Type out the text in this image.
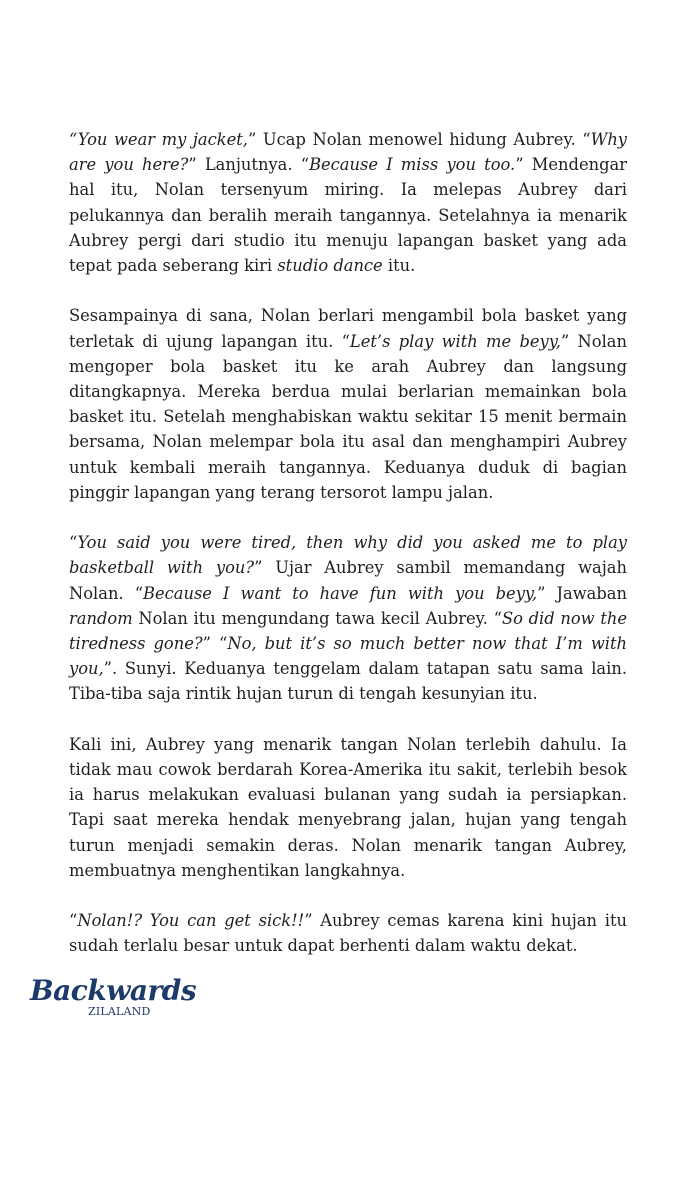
“You wear my jacket,” Ucap Nolan menowel hidung Aubrey. “Why are you here?” Lanjutnya. “Because I miss you too.” Mendengar hal itu, Nolan tersenyum miring. Ia melepas Aubrey dari pelukannya dan beralih meraih tangannya. Setelahnya ia menarik Aubrey pergi dari studio itu menuju lapangan basket yang ada tepat pada seberang kiri studio dance itu.

Sesampainya di sana, Nolan berlari mengambil bola basket yang terletak di ujung lapangan itu. “Let’s play with me beyy,” Nolan mengoper bola basket itu ke arah Aubrey dan langsung ditangkapnya. Mereka berdua mulai berlarian memainkan bola basket itu. Setelah menghabiskan waktu sekitar 15 menit bermain bersama, Nolan melempar bola itu asal dan menghampiri Aubrey untuk kembali meraih tangannya. Keduanya duduk di bagian pinggir lapangan yang terang tersorot lampu jalan.

“You said you were tired, then why did you asked me to play basketball with you?” Ujar Aubrey sambil memandang wajah Nolan. “Because I want to have fun with you beyy,” Jawaban random Nolan itu mengundang tawa kecil Aubrey. “So did now the tiredness gone?” “No, but it’s so much better now that I’m with you,”. Sunyi. Keduanya tenggelam dalam tatapan satu sama lain. Tiba-tiba saja rintik hujan turun di tengah kesunyian itu.

Kali ini, Aubrey yang menarik tangan Nolan terlebih dahulu. Ia tidak mau cowok berdarah Korea-Amerika itu sakit, terlebih besok ia harus melakukan evaluasi bulanan yang sudah ia persiapkan. Tapi saat mereka hendak menyebrang jalan, hujan yang tengah turun menjadi semakin deras. Nolan menarik tangan Aubrey, membuatnya menghentikan langkahnya.

“Nolan!? You can get sick!!” Aubrey cemas karena kini hujan itu sudah terlalu besar untuk dapat berhenti dalam waktu dekat.

Backwards
ZILALAND
